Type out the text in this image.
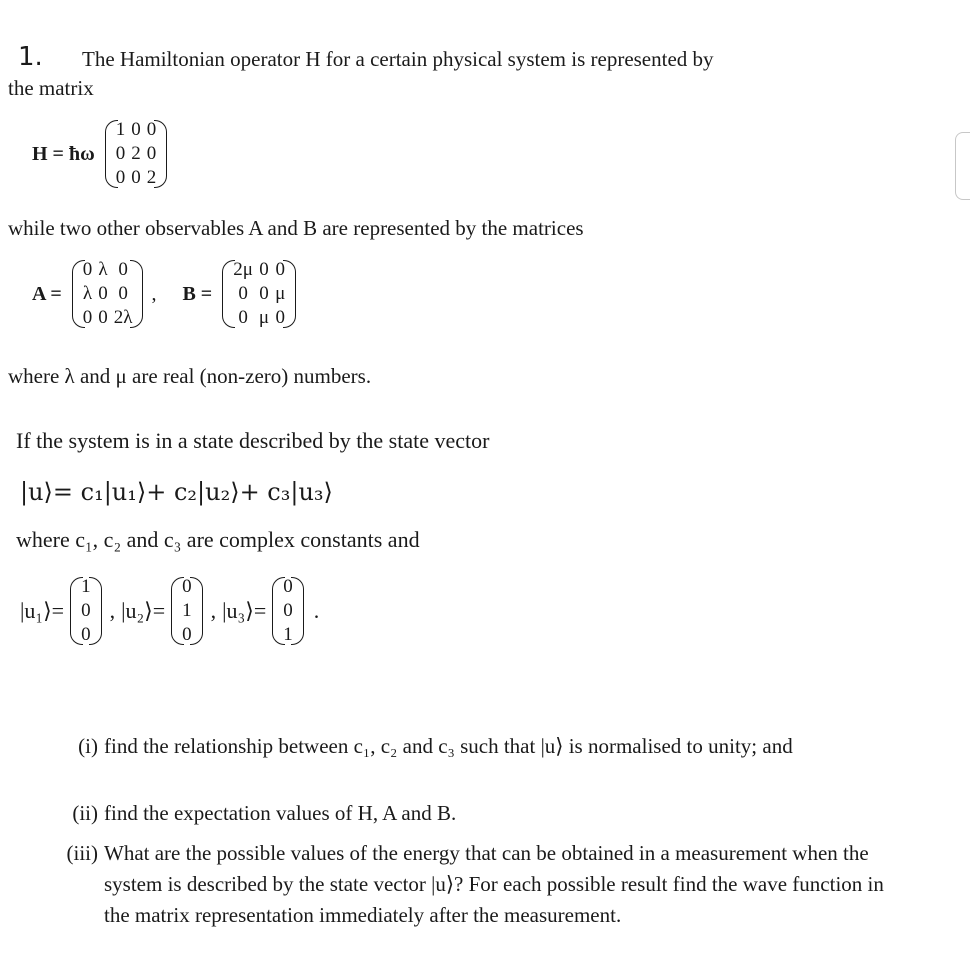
1. The Hamiltonian operator H for a certain physical system is represented by
the matrix
H = ħω
1	0	0
0	2	0
0	0	2
while two other observables A and B are represented by the matrices
A =
0	λ	0
λ	0	0
0	0	2λ
, B =
2μ	0	0
0	0	μ
0	μ	0
where λ and μ are real (non-zero) numbers.
If the system is in a state described by the state vector
|u⟩= c₁|u₁⟩+ c₂|u₂⟩+ c₃|u₃⟩
where c₁, c₂ and c₃ are complex constants and
|u₁⟩=
1
0
0
, |u₂⟩=
0
1
0
, |u₃⟩=
0
0
1
.
(i) find the relationship between c₁, c₂ and c₃ such that |u⟩ is normalised to unity; and
(ii) find the expectation values of H, A and B.
(iii) What are the possible values of the energy that can be obtained in a measurement when the system is described by the state vector |u⟩? For each possible result find the wave function in the matrix representation immediately after the measurement.
